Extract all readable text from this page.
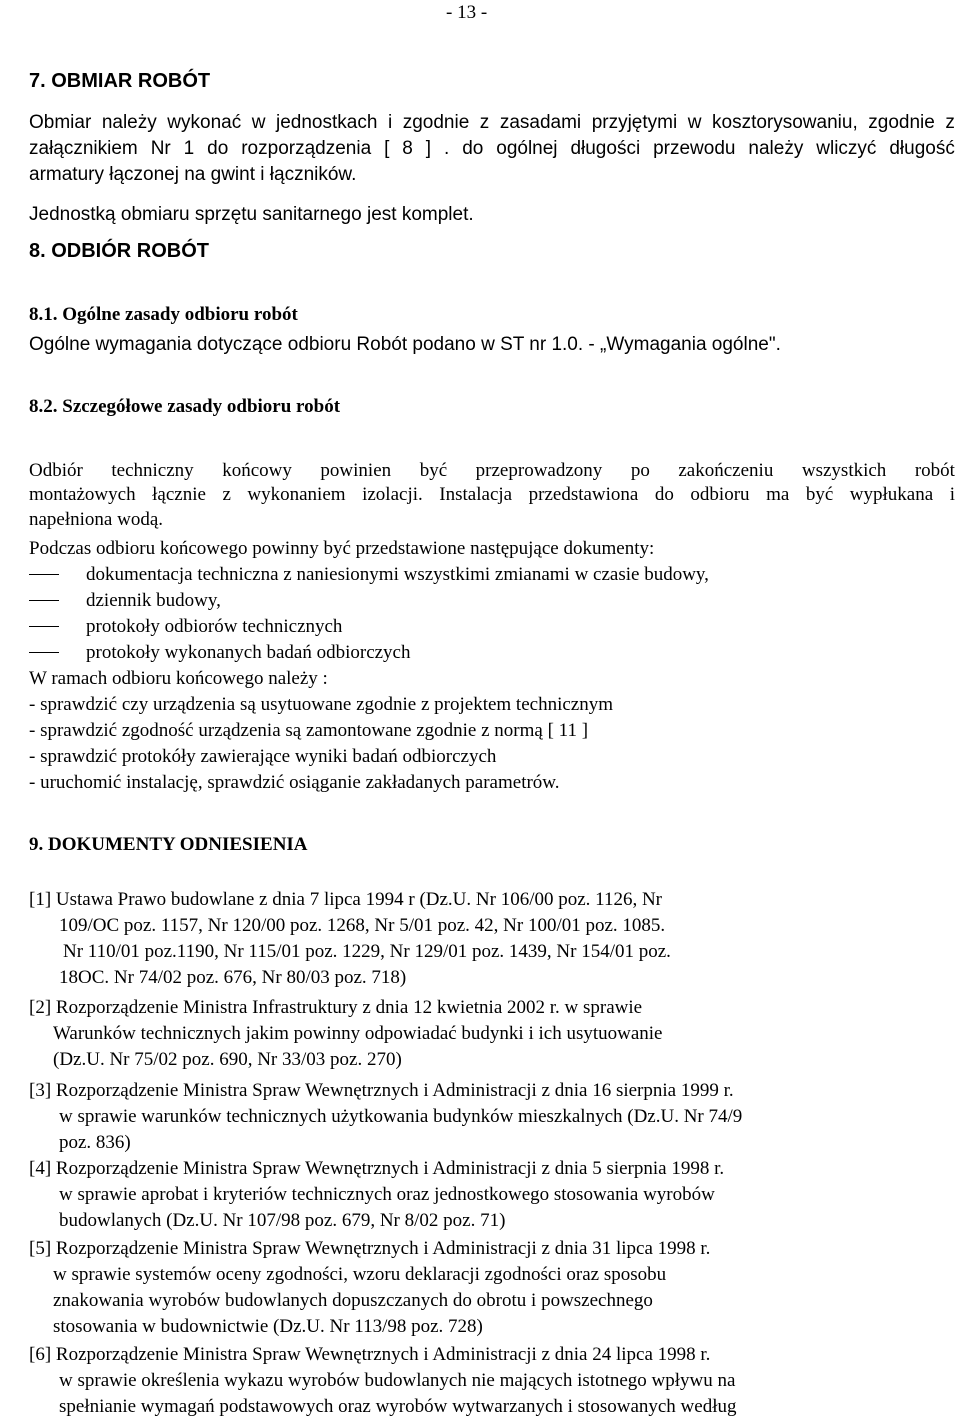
- 13 -
7. OBMIAR ROBÓT
Obmiar należy wykonać w jednostkach i zgodnie z zasadami przyjętymi w kosztorysowaniu, zgodnie z
załącznikiem Nr 1 do rozporządzenia [ 8 ] . do ogólnej długości przewodu należy wliczyć długość
armatury łączonej na gwint i łączników.
Jednostką obmiaru sprzętu sanitarnego jest komplet.
8. ODBIÓR ROBÓT
8.1. Ogólne zasady odbioru robót
Ogólne wymagania dotyczące odbioru Robót podano w ST nr 1.0. - „Wymagania ogólne".
8.2. Szczegółowe zasady odbioru robót
Odbiór techniczny końcowy powinien być przeprowadzony po zakończeniu wszystkich robót
montażowych łącznie z wykonaniem izolacji. Instalacja przedstawiona do odbioru ma być wypłukana i
napełniona wodą.
Podczas odbioru końcowego powinny być przedstawione następujące dokumenty:
dokumentacja techniczna z naniesionymi wszystkimi zmianami w czasie budowy,
dziennik budowy,
protokoły odbiorów technicznych
protokoły wykonanych badań odbiorczych
W ramach odbioru końcowego należy :
- sprawdzić czy urządzenia są usytuowane zgodnie z projektem technicznym
- sprawdzić zgodność urządzenia są zamontowane zgodnie z normą [ 11 ]
- sprawdzić protokóły zawierające wyniki badań odbiorczych
- uruchomić instalację, sprawdzić osiąganie zakładanych parametrów.
9. DOKUMENTY ODNIESIENIA
[1] Ustawa Prawo budowlane z dnia 7 lipca 1994 r (Dz.U. Nr 106/00 poz. 1126, Nr
109/OC poz. 1157, Nr 120/00 poz. 1268, Nr 5/01 poz. 42, Nr 100/01 poz. 1085.
Nr 110/01 poz.1190, Nr 115/01 poz. 1229, Nr 129/01 poz. 1439, Nr 154/01 poz.
18OC. Nr 74/02 poz. 676, Nr 80/03 poz. 718)
[2] Rozporządzenie Ministra Infrastruktury z dnia 12 kwietnia 2002 r. w sprawie
Warunków technicznych jakim powinny odpowiadać budynki i ich usytuowanie
(Dz.U. Nr 75/02 poz. 690, Nr 33/03 poz. 270)
[3] Rozporządzenie Ministra Spraw Wewnętrznych i Administracji z dnia 16 sierpnia 1999 r.
w sprawie warunków technicznych użytkowania budynków mieszkalnych (Dz.U. Nr 74/9
poz. 836)
[4] Rozporządzenie Ministra Spraw Wewnętrznych i Administracji z dnia 5 sierpnia 1998 r.
w sprawie aprobat i kryteriów technicznych oraz jednostkowego stosowania wyrobów
budowlanych (Dz.U. Nr 107/98 poz. 679, Nr 8/02 poz. 71)
[5] Rozporządzenie Ministra Spraw Wewnętrznych i Administracji z dnia 31 lipca 1998 r.
w sprawie systemów oceny zgodności, wzoru deklaracji zgodności oraz sposobu
znakowania wyrobów budowlanych dopuszczanych do obrotu i powszechnego
stosowania w budownictwie (Dz.U. Nr 113/98 poz. 728)
[6] Rozporządzenie Ministra Spraw Wewnętrznych i Administracji z dnia 24 lipca 1998 r.
w sprawie określenia wykazu wyrobów budowlanych nie mających istotnego wpływu na
spełnianie wymagań podstawowych oraz wyrobów wytwarzanych i stosowanych według
